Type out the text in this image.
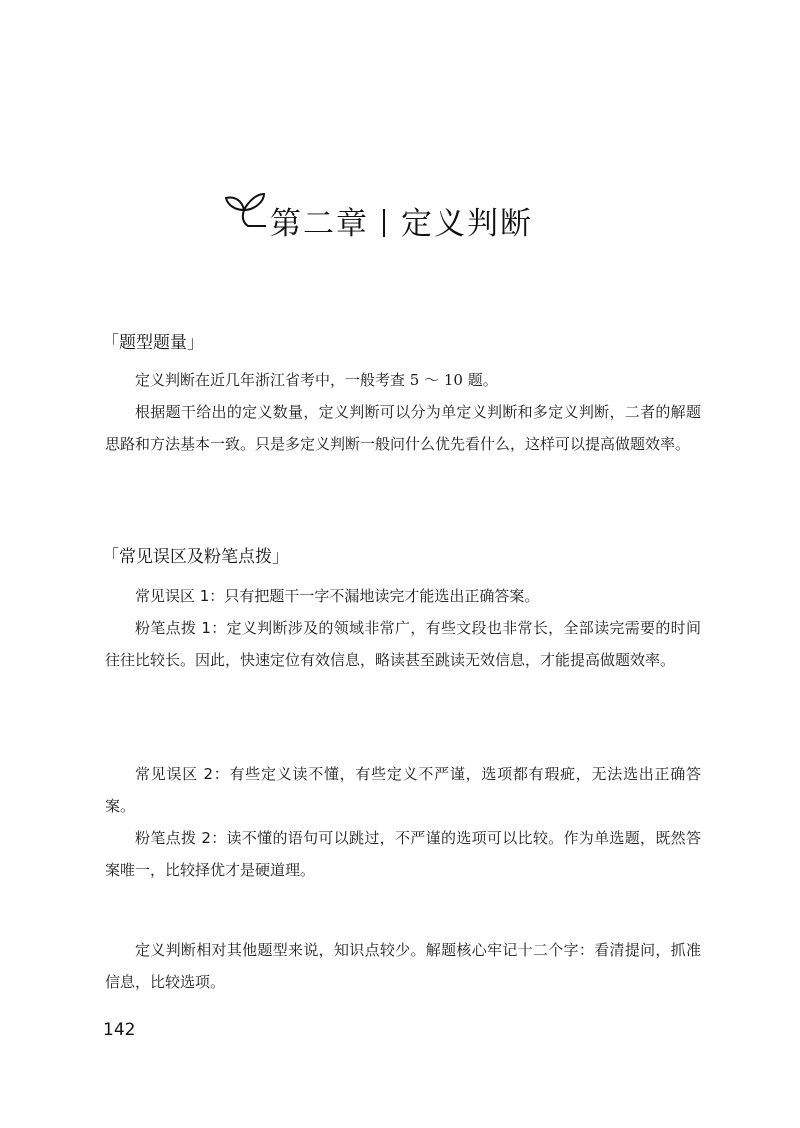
第二章 定义判断
「题型题量」

定义判断在近几年浙江省考中，一般考查 5 ～ 10 题。

根据题干给出的定义数量，定义判断可以分为单定义判断和多定义判断，二者的解题思路和方法基本一致。只是多定义判断一般问什么优先看什么，这样可以提高做题效率。

「常见误区及粉笔点拨」

常见误区 1：只有把题干一字不漏地读完才能选出正确答案。

粉笔点拨 1：定义判断涉及的领域非常广，有些文段也非常长，全部读完需要的时间往往比较长。因此，快速定位有效信息，略读甚至跳读无效信息，才能提高做题效率。

常见误区 2：有些定义读不懂，有些定义不严谨，选项都有瑕疵，无法选出正确答案。

粉笔点拨 2：读不懂的语句可以跳过，不严谨的选项可以比较。作为单选题，既然答案唯一，比较择优才是硬道理。

定义判断相对其他题型来说，知识点较少。解题核心牢记十二个字：看清提问，抓准信息，比较选项。

142
